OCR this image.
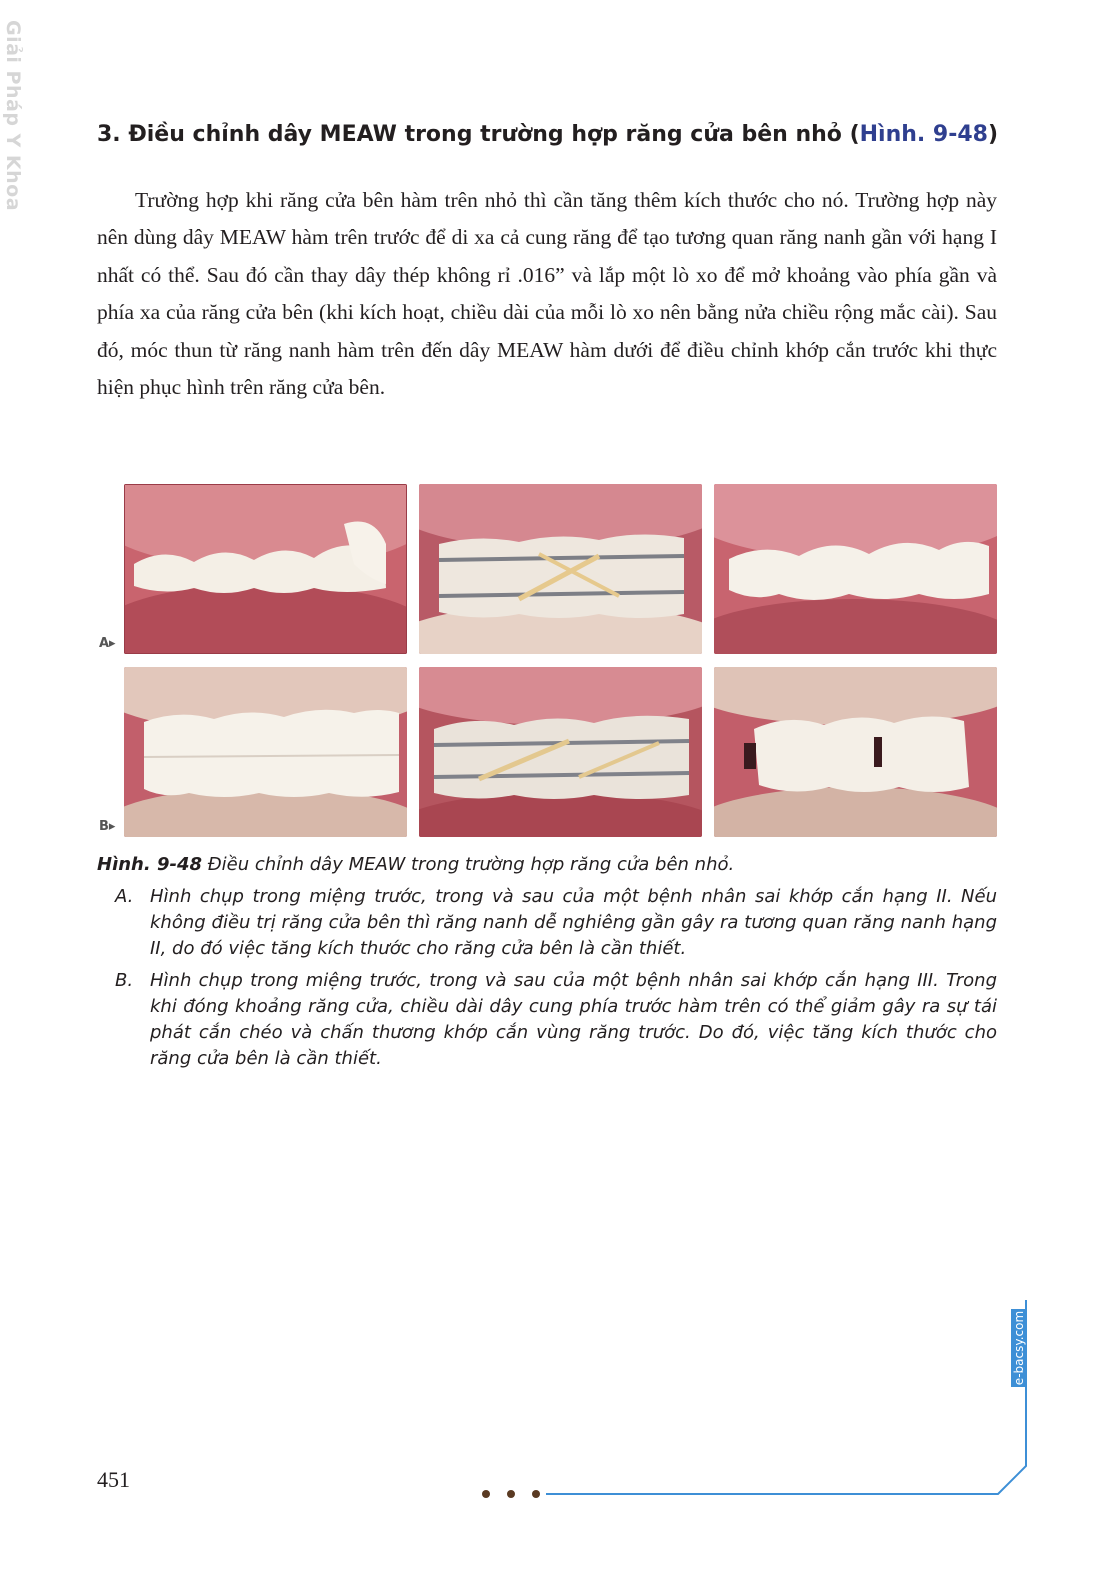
Giải Pháp Y Khoa	3. Điều chỉnh dây MEAW trong trường hợp răng cửa bên nhỏ (Hình. 9-48)

Trường hợp khi răng cửa bên hàm trên nhỏ thì cần tăng thêm kích thước cho nó. Trường hợp này nên dùng dây MEAW hàm trên trước để di xa cả cung răng để tạo tương quan răng nanh gần với hạng I nhất có thể. Sau đó cần thay dây thép không rỉ .016” và lắp một lò xo để mở khoảng vào phía gần và phía xa của răng cửa bên (khi kích hoạt, chiều dài của mỗi lò xo nên bằng nửa chiều rộng mắc cài). Sau đó, móc thun từ răng nanh hàm trên đến dây MEAW hàm dưới để điều chỉnh khớp cắn trước khi thực hiện phục hình trên răng cửa bên.

A▸
B▸
Hình. 9-48 Điều chỉnh dây MEAW trong trường hợp răng cửa bên nhỏ.
A. Hình chụp trong miệng trước, trong và sau của một bệnh nhân sai khớp cắn hạng II. Nếu không điều trị răng cửa bên thì răng nanh dễ nghiêng gần gây ra tương quan răng nanh hạng II, do đó việc tăng kích thước cho răng cửa bên là cần thiết.
B. Hình chụp trong miệng trước, trong và sau của một bệnh nhân sai khớp cắn hạng III. Trong khi đóng khoảng răng cửa, chiều dài dây cung phía trước hàm trên có thể giảm gây ra sự tái phát cắn chéo và chấn thương khớp cắn vùng răng trước. Do đó, việc tăng kích thước cho răng cửa bên là cần thiết.
e-bacsy.com
451
